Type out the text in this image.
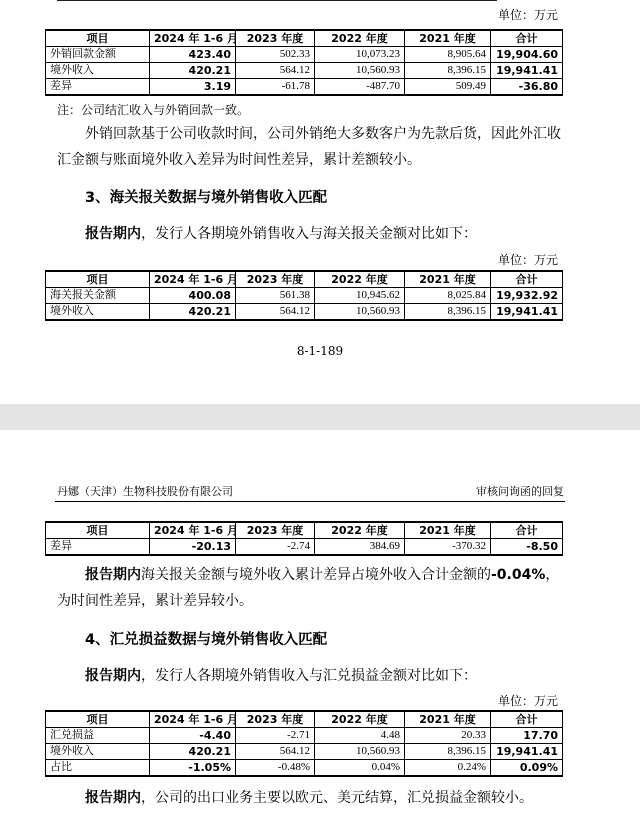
单位：万元
项目	2024 年 1-6 月	2023 年度	2022 年度	2021 年度	合计
外销回款金额	423.40	502.33	10,073.23	8,905.64	19,904.60
境外收入	420.21	564.12	10,560.93	8,396.15	19,941.41
差异	3.19	-61.78	-487.70	509.49	-36.80
注：公司结汇收入与外销回款一致。
外销回款基于公司收款时间，公司外销绝大多数客户为先款后货，因此外汇收汇金额与账面境外收入差异为时间性差异，累计差额较小。
3、海关报关数据与境外销售收入匹配
报告期内，发行人各期境外销售收入与海关报关金额对比如下：
单位：万元
项目	2024 年 1-6 月	2023 年度	2022 年度	2021 年度	合计
海关报关金额	400.08	561.38	10,945.62	8,025.84	19,932.92
境外收入	420.21	564.12	10,560.93	8,396.15	19,941.41
8-1-189
丹娜（天津）生物科技股份有限公司	审核问询函的回复
项目	2024 年 1-6 月	2023 年度	2022 年度	2021 年度	合计
差异	-20.13	-2.74	384.69	-370.32	-8.50
报告期内海关报关金额与境外收入累计差异占境外收入合计金额的-0.04%，为时间性差异，累计差异较小。
4、汇兑损益数据与境外销售收入匹配
报告期内，发行人各期境外销售收入与汇兑损益金额对比如下：
单位：万元
项目	2024 年 1-6 月	2023 年度	2022 年度	2021 年度	合计
汇兑损益	-4.40	-2.71	4.48	20.33	17.70
境外收入	420.21	564.12	10,560.93	8,396.15	19,941.41
占比	-1.05%	-0.48%	0.04%	0.24%	0.09%
报告期内，公司的出口业务主要以欧元、美元结算，汇兑损益金额较小。
